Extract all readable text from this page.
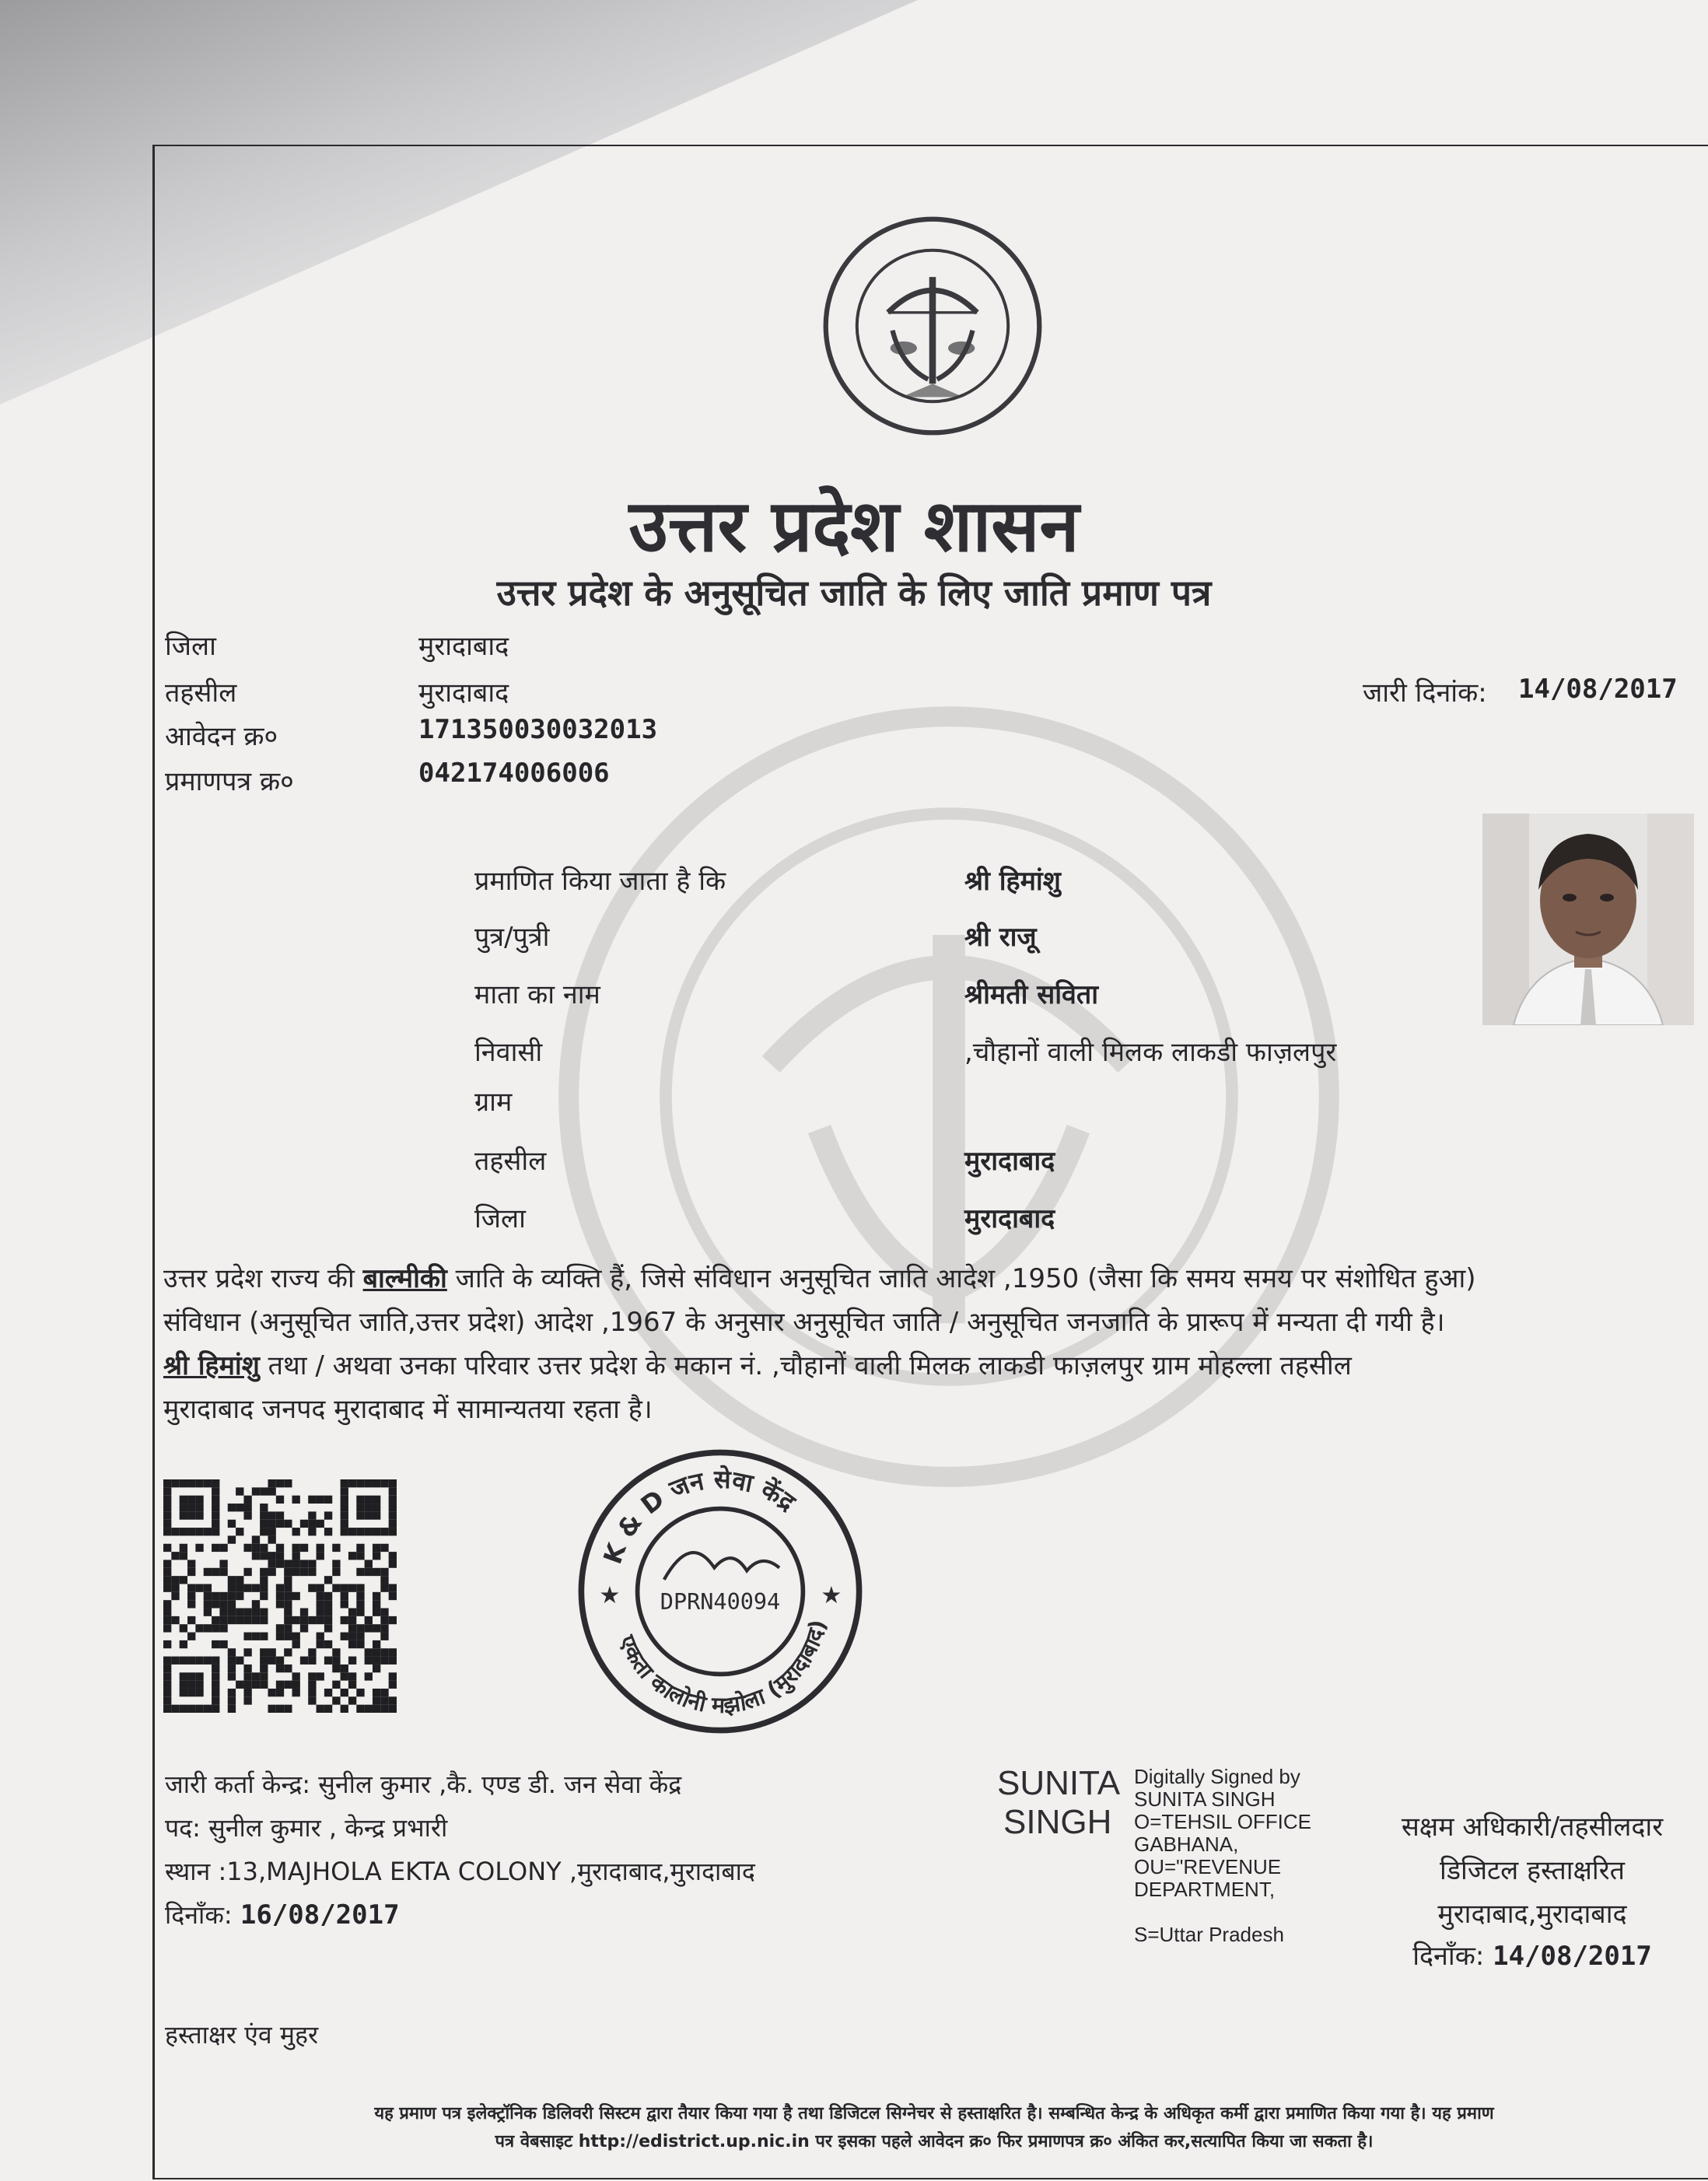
उत्तर प्रदेश शासन
उत्तर प्रदेश के अनुसूचित जाति के लिए जाति प्रमाण पत्र
जिला	मुरादाबाद
तहसील	मुरादाबाद
आवेदन क्र०	171350030032013
प्रमाणपत्र क्र०	042174006006
जारी दिनांक: 14/08/2017
प्रमाणित किया जाता है कि	श्री हिमांशु
पुत्र/पुत्री	श्री राजू
माता का नाम	श्रीमती सविता
निवासी	,चौहानों वाली मिलक लाकडी फाज़लपुर
ग्राम
तहसील	मुरादाबाद
जिला	मुरादाबाद
उत्तर प्रदेश राज्य की बाल्मीकी जाति के व्यक्ति हैं, जिसे संविधान अनुसूचित जाति आदेश ,1950 (जैसा कि समय समय पर संशोधित हुआ)
संविधान (अनुसूचित जाति,उत्तर प्रदेश) आदेश ,1967 के अनुसार अनुसूचित जाति / अनुसूचित जनजाति के प्रारूप में मन्यता दी गयी है।
श्री हिमांशु तथा / अथवा उनका परिवार उत्तर प्रदेश के मकान नं. ,चौहानों वाली मिलक लाकडी फाज़लपुर ग्राम मोहल्ला तहसील
मुरादाबाद जनपद मुरादाबाद में सामान्यतया रहता है।
K & D जन सेवा केंद्र
एकता कालोनी मझोला (मुरादाबाद)
DPRN40094
★	★
जारी कर्ता केन्द्र: सुनील कुमार ,कै. एण्ड डी. जन सेवा केंद्र
पद: सुनील कुमार , केन्द्र प्रभारी
स्थान :13,MAJHOLA EKTA COLONY ,मुरादाबाद,मुरादाबाद
दिनाँक: 16/08/2017
SUNITA
SINGH
Digitally Signed by
SUNITA SINGH
O=TEHSIL OFFICE
GABHANA,
OU="REVENUE
DEPARTMENT,
S=Uttar Pradesh
सक्षम अधिकारी/तहसीलदार
डिजिटल हस्ताक्षरित
मुरादाबाद,मुरादाबाद
दिनाँक: 14/08/2017
हस्ताक्षर एंव मुहर
यह प्रमाण पत्र इलेक्ट्रॉनिक डिलिवरी सिस्टम द्वारा तैयार किया गया है तथा डिजिटल सिग्नेचर से हस्ताक्षरित है। सम्बन्धित केन्द्र के अधिकृत कर्मी द्वारा प्रमाणित किया गया है। यह प्रमाण
पत्र वेबसाइट http://edistrict.up.nic.in पर इसका पहले आवेदन क्र० फिर प्रमाणपत्र क्र० अंकित कर,सत्यापित किया जा सकता है।
